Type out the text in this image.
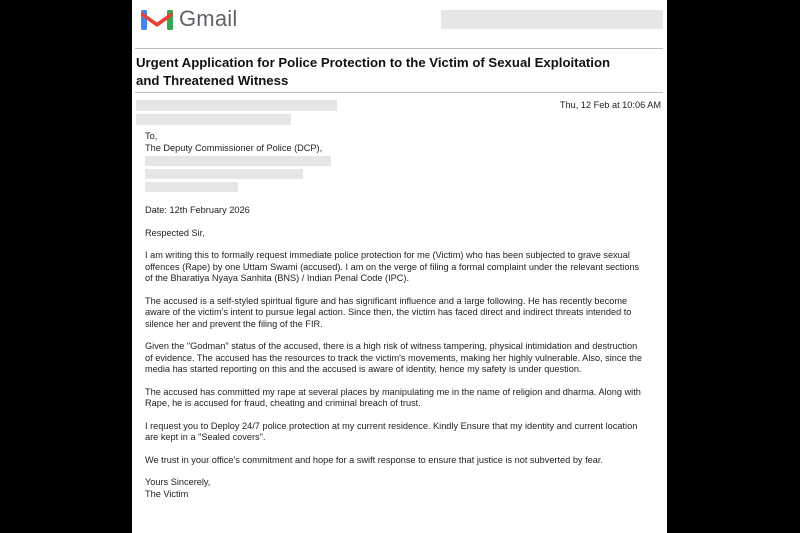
Gmail
Urgent Application for Police Protection to the Victim of Sexual Exploitation and Threatened Witness
Thu, 12 Feb at 10:06 AM
To,
The Deputy Commissioner of Police (DCP),

Date: 12th February 2026

Respected Sir,

I am writing this to formally request immediate police protection for me (Victim) who has been subjected to grave sexual offences (Rape) by one Uttam Swami (accused). I am on the verge of filing a formal complaint under the relevant sections of the Bharatiya Nyaya Sanhita (BNS) / Indian Penal Code (IPC).

The accused is a self-styled spiritual figure and has significant influence and a large following. He has recently become aware of the victim's intent to pursue legal action. Since then, the victim has faced direct and indirect threats intended to silence her and prevent the filing of the FIR.

Given the "Godman" status of the accused, there is a high risk of witness tampering, physical intimidation and destruction of evidence. The accused has the resources to track the victim's movements, making her highly vulnerable. Also, since the media has started reporting on this and the accused is aware of identity, hence my safety is under question.

The accused has committed my rape at several places by manipulating me in the name of religion and dharma. Along with Rape, he is accused for fraud, cheating and criminal breach of trust.

I request you to Deploy 24/7 police protection at my current residence. Kindly Ensure that my identity and current location are kept in a "Sealed covers".

We trust in your office's commitment and hope for a swift response to ensure that justice is not subverted by fear.

Yours Sincerely,
The Victim
